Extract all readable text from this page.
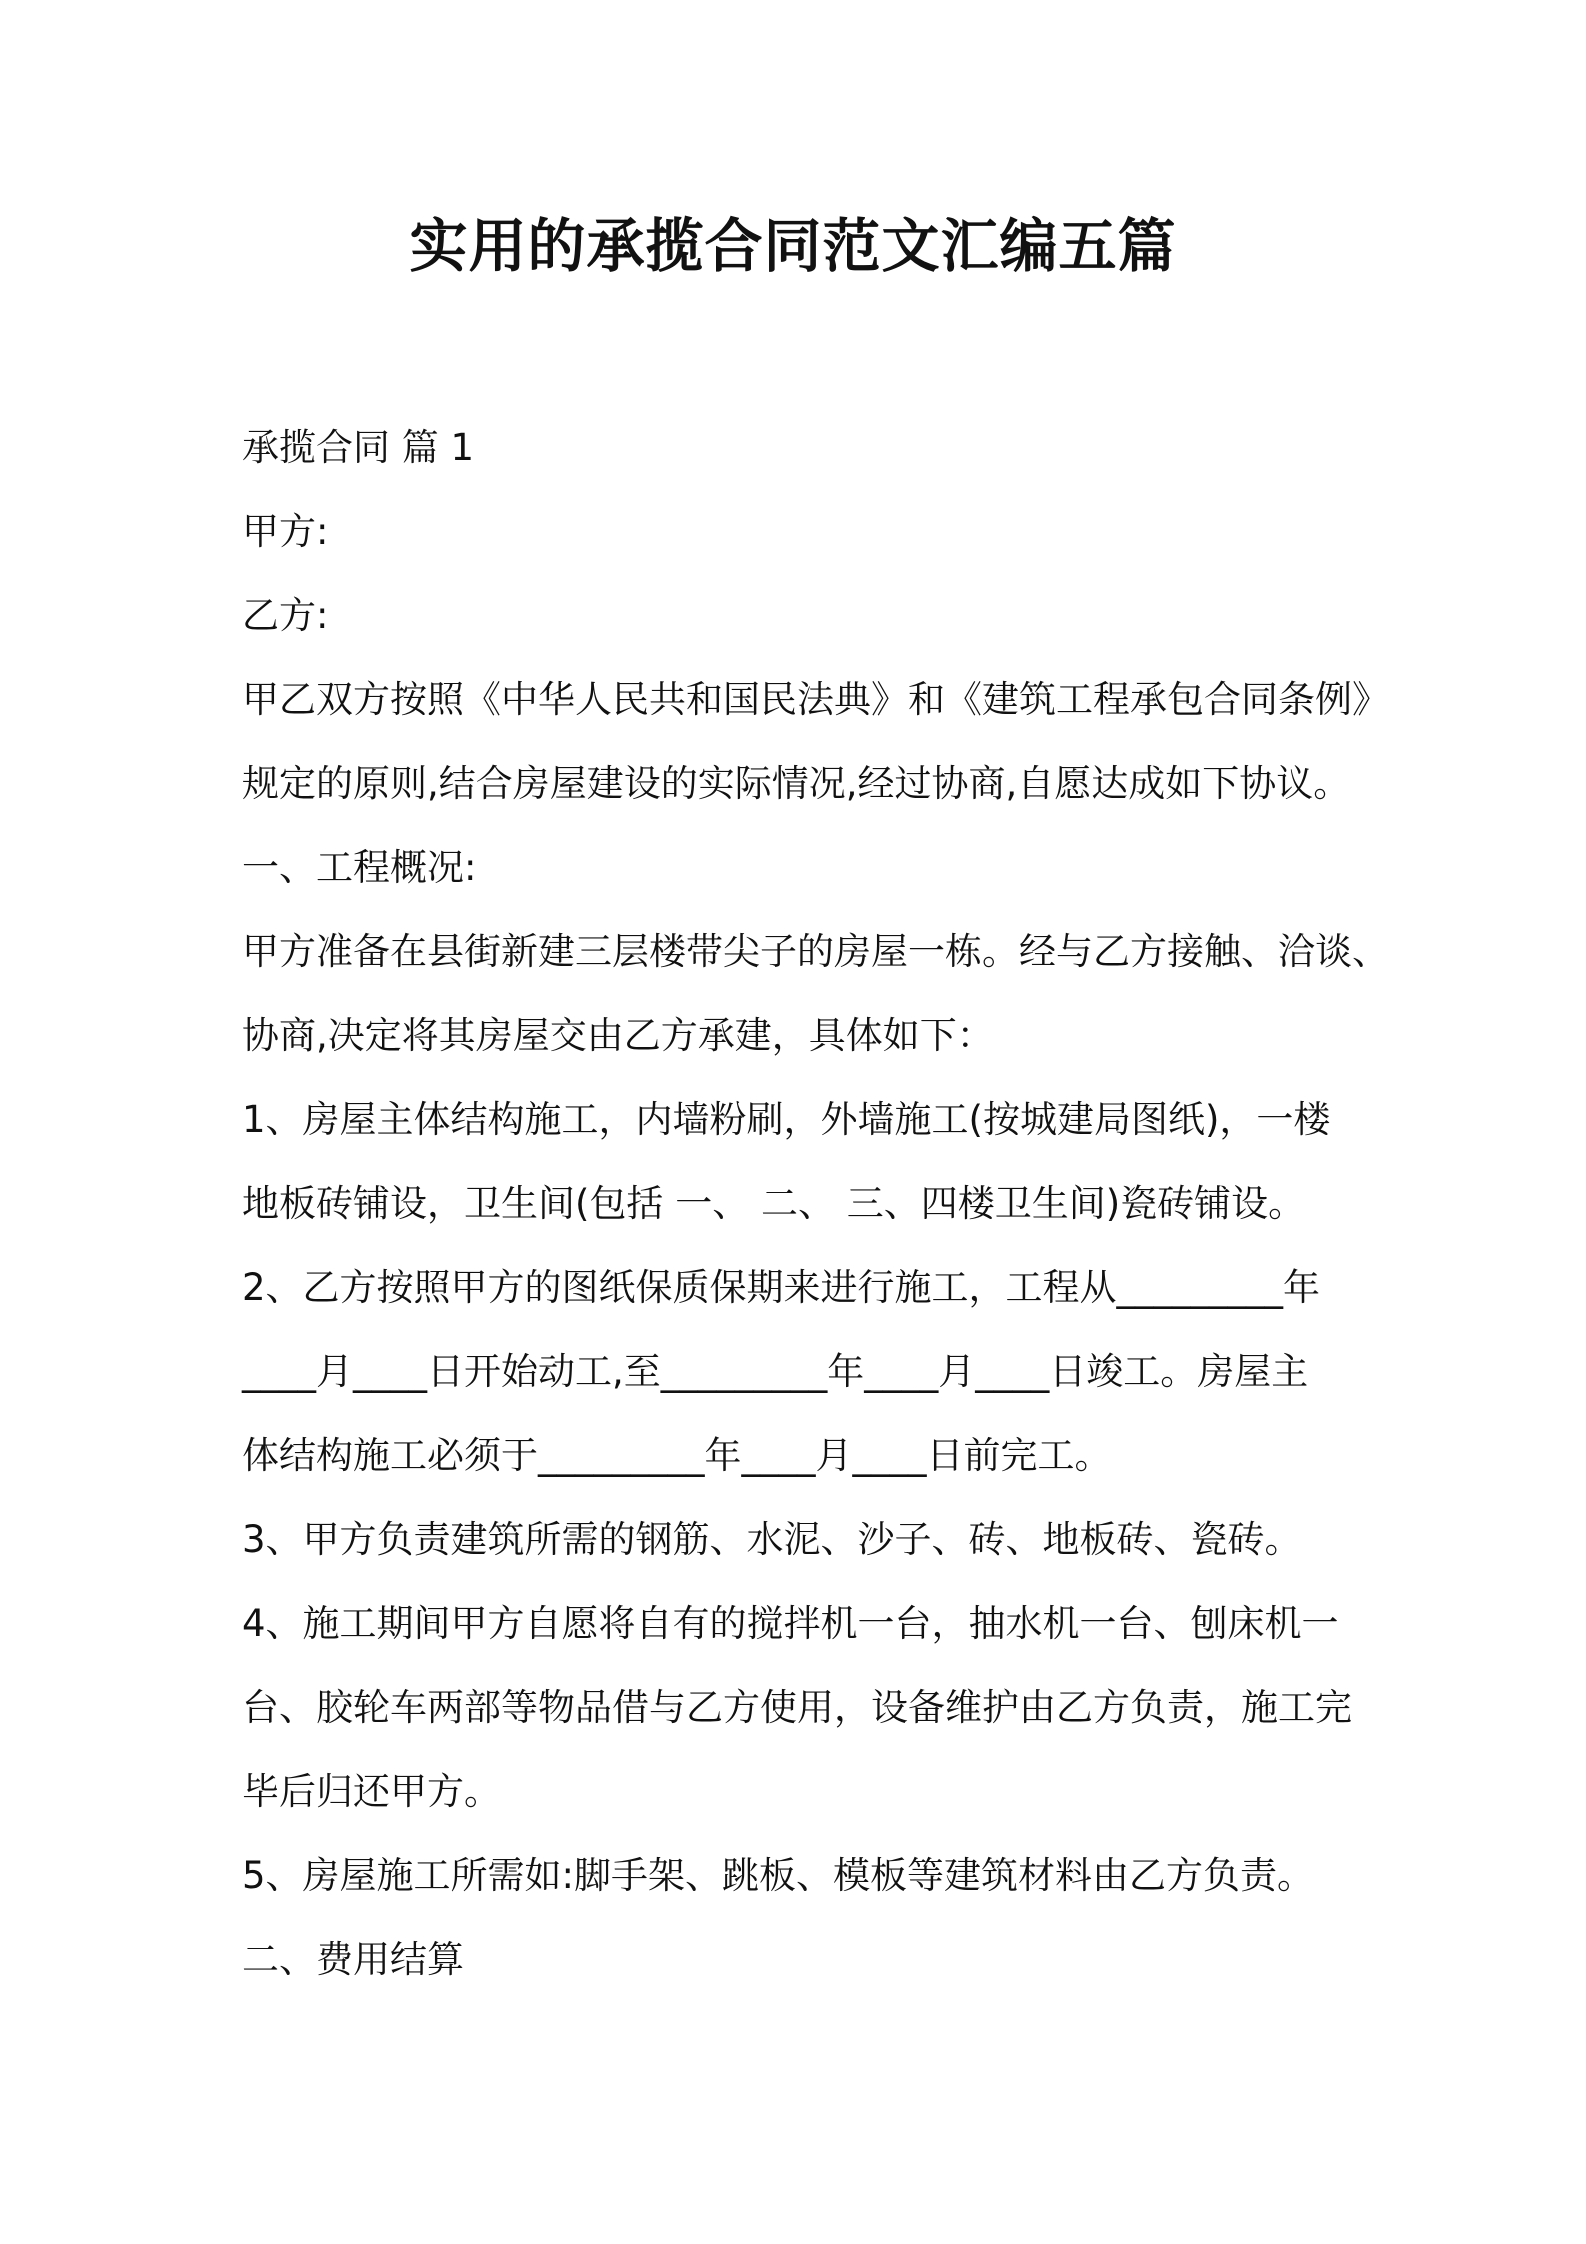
实用的承揽合同范文汇编五篇
承揽合同 篇 1
甲方:
乙方:
甲乙双方按照《中华人民共和国民法典》和《建筑工程承包合同条例》
规定的原则,结合房屋建设的实际情况,经过协商,自愿达成如下协议。
一、工程概况:
甲方准备在县街新建三层楼带尖子的房屋一栋。经与乙方接触、洽谈、
协商,决定将其房屋交由乙方承建，具体如下：
1、房屋主体结构施工，内墙粉刷，外墙施工(按城建局图纸)，一楼
地板砖铺设，卫生间(包括 一、 二、 三、四楼卫生间)瓷砖铺设。
2、乙方按照甲方的图纸保质保期来进行施工，工程从_________年
____月____日开始动工,至_________年____月____日竣工。房屋主
体结构施工必须于_________年____月____日前完工。
3、甲方负责建筑所需的钢筋、水泥、沙子、砖、地板砖、瓷砖。
4、施工期间甲方自愿将自有的搅拌机一台，抽水机一台、刨床机一
台、胶轮车两部等物品借与乙方使用，设备维护由乙方负责，施工完
毕后归还甲方。
5、房屋施工所需如:脚手架、跳板、模板等建筑材料由乙方负责。
二、费用结算
